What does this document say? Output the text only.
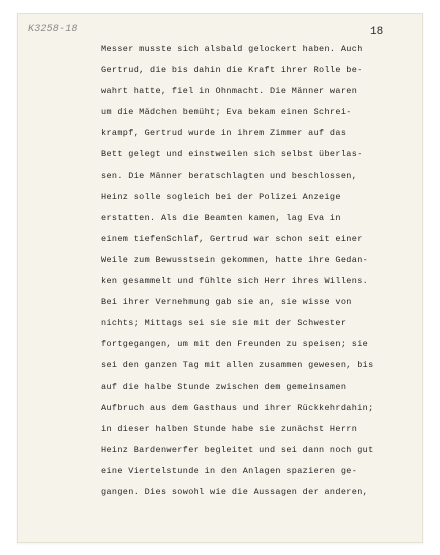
K3258-18	18
Messer musste sich alsbald gelockert haben. Auch
Gertrud, die bis dahin die Kraft ihrer Rolle be-
wahrt hatte, fiel in Ohnmacht. Die Männer waren
um die Mädchen bemüht; Eva bekam einen Schrei-
krampf, Gertrud wurde in ihrem Zimmer auf das
Bett gelegt und einstweilen sich selbst überlas-
sen. Die Männer beratschlagten und beschlossen,
Heinz solle sogleich bei der Polizei Anzeige
erstatten. Als die Beamten kamen, lag Eva in
einem tiefenSchlaf, Gertrud war schon seit einer
Weile zum Bewusstsein gekommen, hatte ihre Gedan-
ken gesammelt und fühlte sich Herr ihres Willens.
Bei ihrer Vernehmung gab sie an, sie wisse von
nichts; Mittags sei sie sie mit der Schwester
fortgegangen, um mit den Freunden zu speisen; sie
sei den ganzen Tag mit allen zusammen gewesen, bis
auf die halbe Stunde zwischen dem gemeinsamen
Aufbruch aus dem Gasthaus und ihrer Rückkehrdahin;
in dieser halben Stunde habe sie zunächst Herrn
Heinz Bardenwerfer begleitet und sei dann noch gut
eine Viertelstunde in den Anlagen spazieren ge-
gangen. Dies sowohl wie die Aussagen der anderen,
